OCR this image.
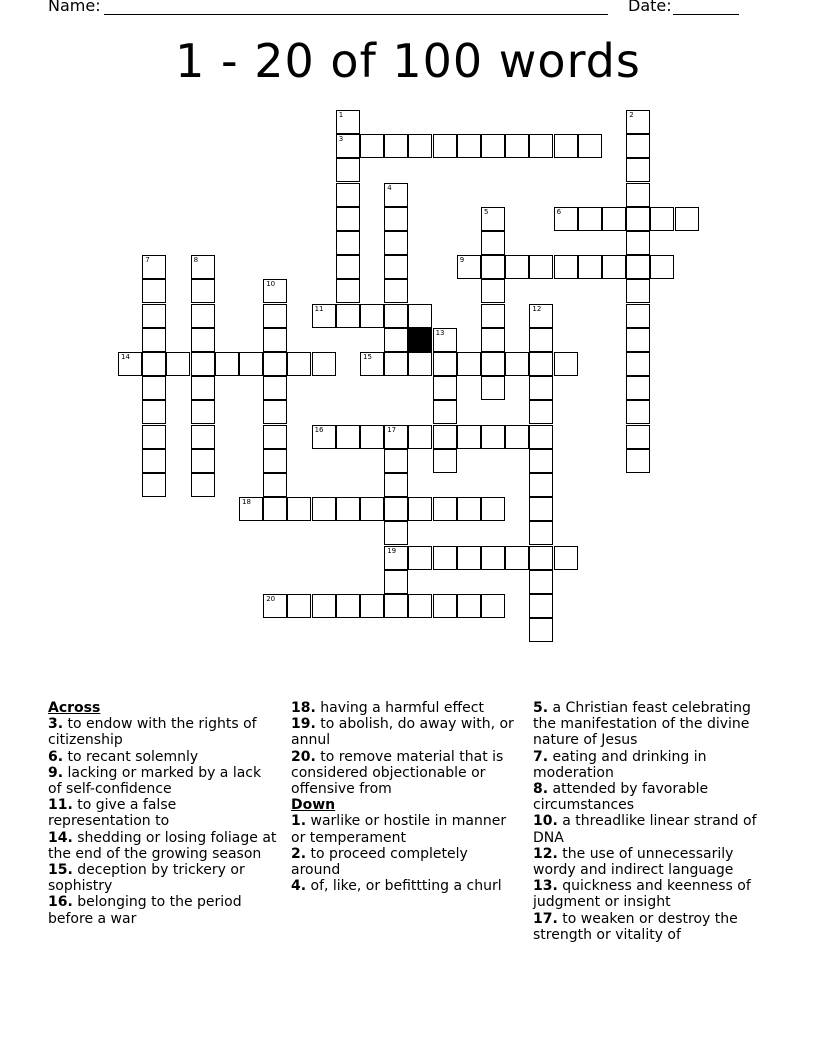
Name:	Date:
1 - 20 of 100 words
1
3
6
9
11
14	15
16	17
18
19
20
2
4
5
7	8
10
12
13
Across
3. to endow with the rights of citizenship
6. to recant solemnly
9. lacking or marked by a lack of self-confidence
11. to give a false representation to
14. shedding or losing foliage at the end of the growing season
15. deception by trickery or sophistry
16. belonging to the period before a war
18. having a harmful effect
19. to abolish, do away with, or annul
20. to remove material that is considered objectionable or offensive from
Down
1. warlike or hostile in manner or temperament
2. to proceed completely around
4. of, like, or befittting a churl
5. a Christian feast celebrating the manifestation of the divine nature of Jesus
7. eating and drinking in moderation
8. attended by favorable circumstances
10. a threadlike linear strand of DNA
12. the use of unnecessarily wordy and indirect language
13. quickness and keenness of judgment or insight
17. to weaken or destroy the strength or vitality of
